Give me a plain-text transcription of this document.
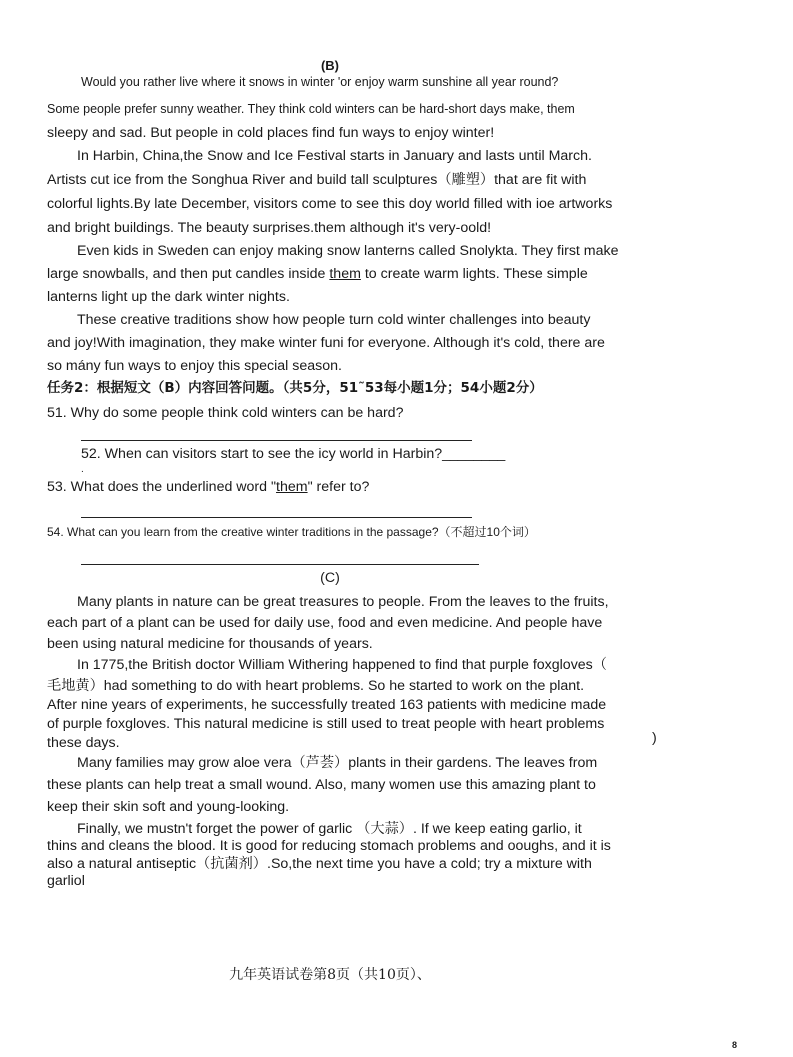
(B)
Would you rather live where it snows in winter 'or enjoy warm sunshine all year round?
Some people prefer sunny weather. They think cold winters can be hard-short days make, them
sleepy and sad. But people in cold places find fun ways to enjoy winter!
In Harbin, China,the Snow and Ice Festival starts in January and lasts until March.
Artists cut ice from the Songhua River and build tall sculptures（雕塑）that are fit with
colorful lights.By late December, visitors come to see this doy world filled with ioe artworks
and bright buildings. The beauty surprises.them although it's very-oold!
Even kids in Sweden can enjoy making snow lanterns called Snolykta. They first make
large snowballs, and then put candles inside them to create warm lights. These simple
lanterns light up the dark winter nights.
These creative traditions show how people turn cold winter challenges into beauty
and joy!With imagination, they make winter funi for everyone. Although it's cold, there are
so mány fun ways to enjoy this special season.
任务2：根据短文（B）内容回答问题。（共5分，51˜53每小题1分；54小题2分）
51. Why do some people think cold winters can be hard?
52. When can visitors start to see the icy world in Harbin?________
.
53. What does the underlined word "them" refer to?
54. What can you learn from the creative winter traditions in the passage?（不超过10个词）
(C)
Many plants in nature can be great treasures to people. From the leaves to the fruits,
each part of a plant can be used for daily use, food and even medicine. And people have
been using natural medicine for thousands of years.
In 1775,the British doctor William Withering happened to find that purple foxgloves（
毛地黄）had something to do with heart problems. So he started to work on the plant.
After nine years of experiments, he successfully treated 163 patients with medicine made
of purple foxgloves. This natural medicine is still used to treat people with heart problems
these days.	)
Many families may grow aloe vera（芦荟）plants in their gardens. The leaves from
these plants can help treat a small wound. Also, many women use this amazing plant to
keep their skin soft and young-looking.
Finally, we mustn't forget the power of garlic （大蒜）. If we keep eating garlio, it
thins and cleans the blood. It is good for reducing stomach problems and ooughs, and it is
also a natural antiseptic（抗菌剂）.So,the next time you have a cold; try a mixture with
garliol
九年英语试卷第8页（共10页）、
8
